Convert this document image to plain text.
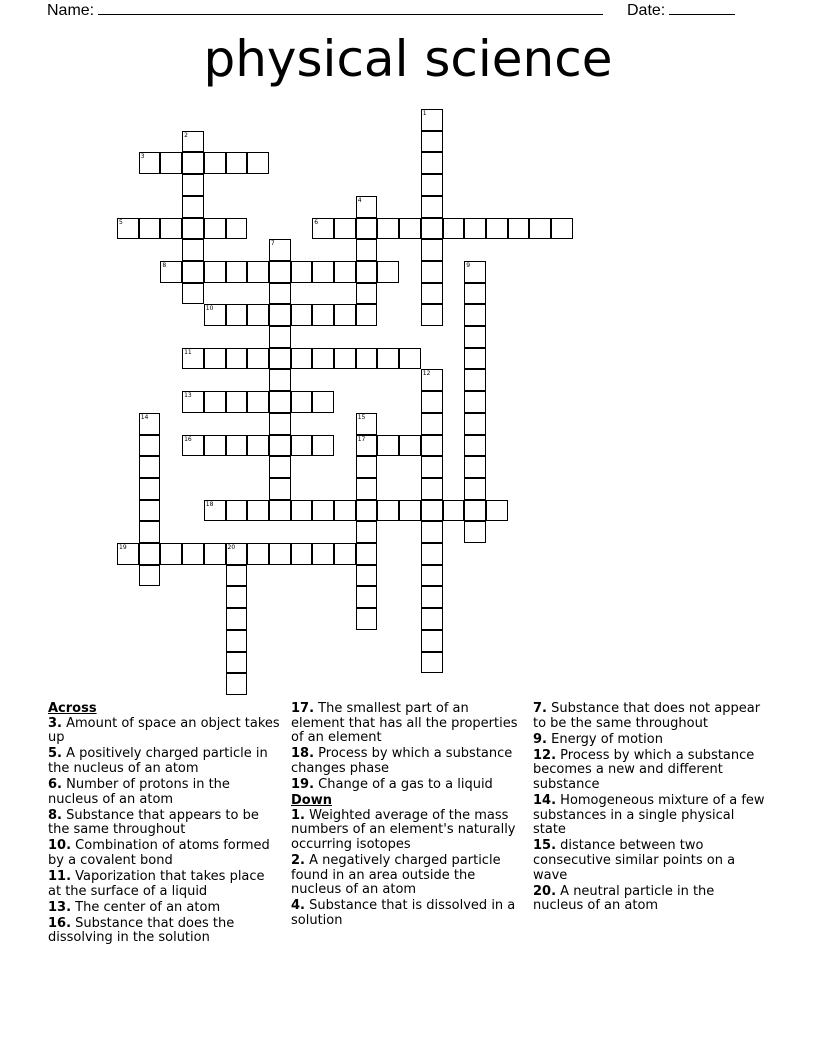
Name:	Date:
physical science
1
2
3
4
5	6
7
8	9
10
11
12
13
14	15
17
16
18
19	20
Across
3. Amount of space an object takes up
5. A positively charged particle in the nucleus of an atom
6. Number of protons in the nucleus of an atom
8. Substance that appears to be the same throughout
10. Combination of atoms formed by a covalent bond
11. Vaporization that takes place at the surface of a liquid
13. The center of an atom
16. Substance that does the dissolving in the solution
17. The smallest part of an element that has all the properties of an element
18. Process by which a substance changes phase
19. Change of a gas to a liquid
Down
1. Weighted average of the mass numbers of an element's naturally occurring isotopes
2. A negatively charged particle found in an area outside the nucleus of an atom
4. Substance that is dissolved in a solution
7. Substance that does not appear to be the same throughout
9. Energy of motion
12. Process by which a substance becomes a new and different substance
14. Homogeneous mixture of a few substances in a single physical state
15. distance between two consecutive similar points on a wave
20. A neutral particle in the nucleus of an atom
